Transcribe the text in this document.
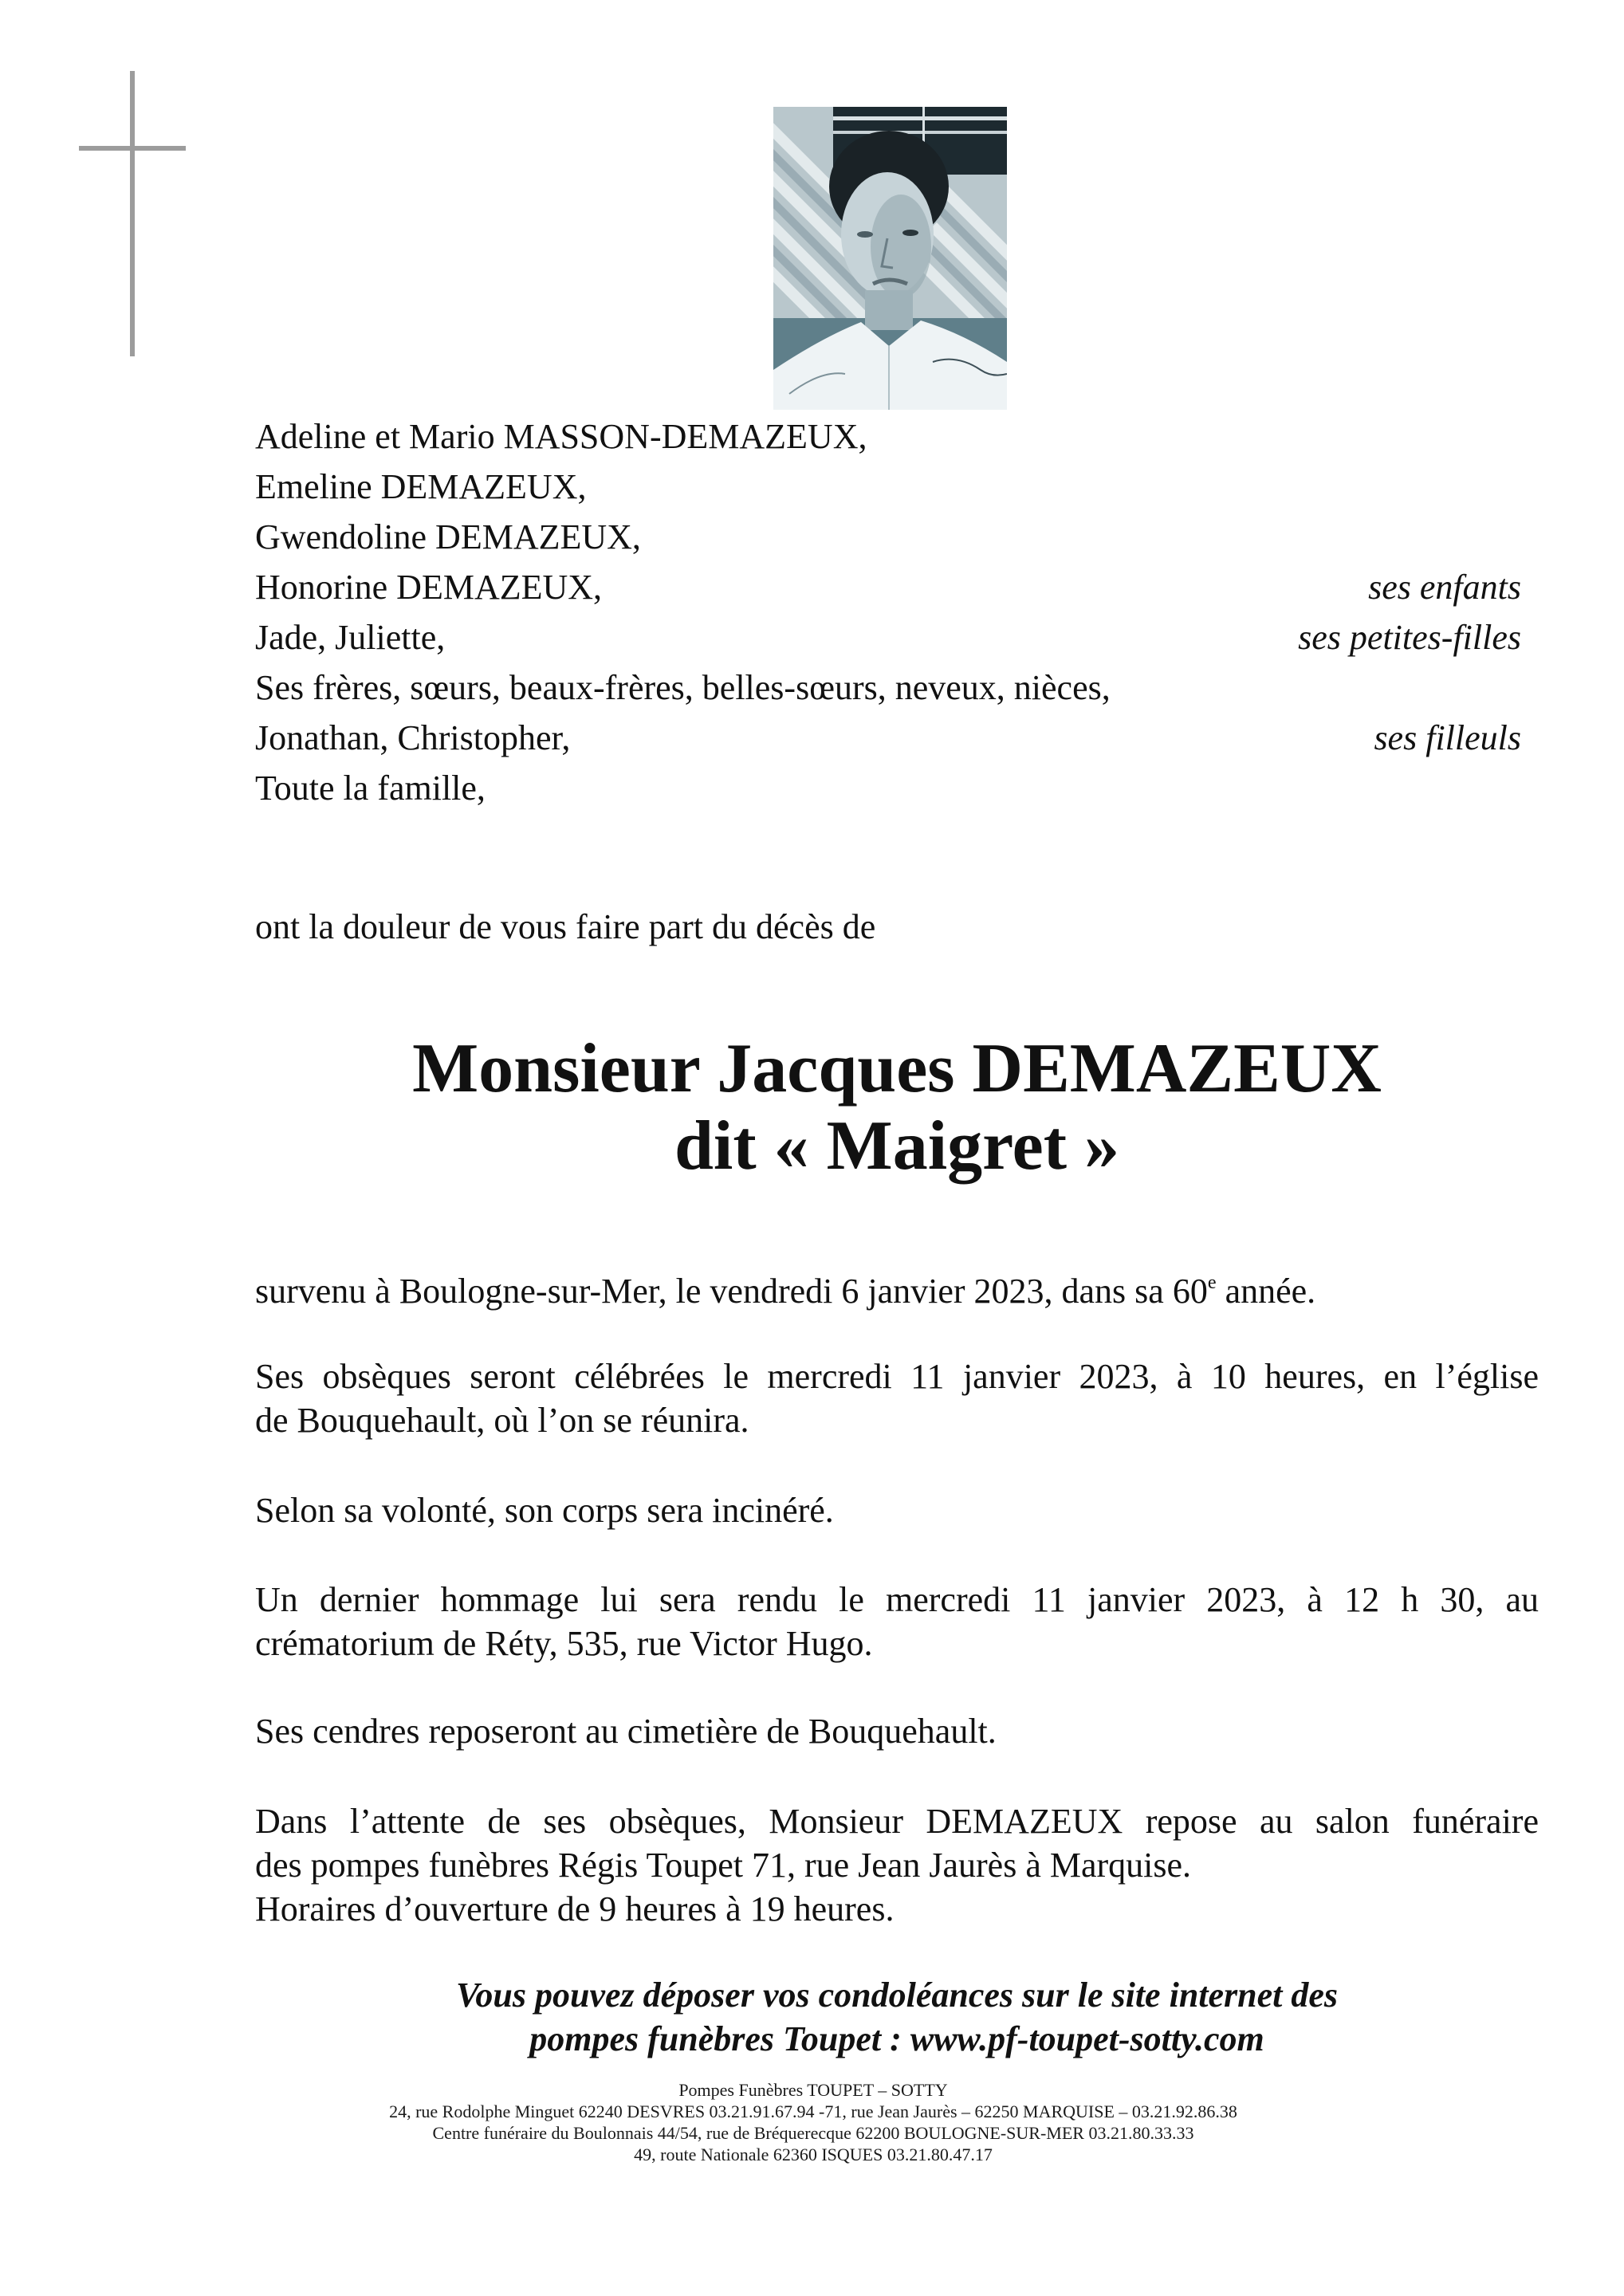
Adeline et Mario MASSON-DEMAZEUX,
Emeline DEMAZEUX,
Gwendoline DEMAZEUX,
Honorine DEMAZEUX,
Jade, Juliette,
Ses frères, sœurs, beaux-frères, belles-sœurs, neveux, nièces,
Jonathan, Christopher,
Toute la famille,
ses enfants
ses petites-filles
ses filleuls
ont la douleur de vous faire part du décès de
Monsieur Jacques DEMAZEUX
dit « Maigret »
survenu à Boulogne-sur-Mer, le vendredi 6 janvier 2023, dans sa 60e année.
Ses obsèques seront célébrées le mercredi 11 janvier 2023, à 10 heures, en l’église
de Bouquehault, où l’on se réunira.
Selon sa volonté, son corps sera incinéré.
Un dernier hommage lui sera rendu le mercredi 11 janvier 2023, à 12 h 30, au
crématorium de Réty, 535, rue Victor Hugo.
Ses cendres reposeront au cimetière de Bouquehault.
Dans l’attente de ses obsèques, Monsieur DEMAZEUX repose au salon funéraire
des pompes funèbres Régis Toupet 71, rue Jean Jaurès à Marquise.
Horaires d’ouverture de 9 heures à 19 heures.
Vous pouvez déposer vos condoléances sur le site internet des
pompes funèbres Toupet : www.pf-toupet-sotty.com
Pompes Funèbres TOUPET – SOTTY
24, rue Rodolphe Minguet 62240 DESVRES 03.21.91.67.94 -71, rue Jean Jaurès – 62250 MARQUISE – 03.21.92.86.38
Centre funéraire du Boulonnais 44/54, rue de Bréquerecque 62200 BOULOGNE-SUR-MER 03.21.80.33.33
49, route Nationale 62360 ISQUES 03.21.80.47.17
